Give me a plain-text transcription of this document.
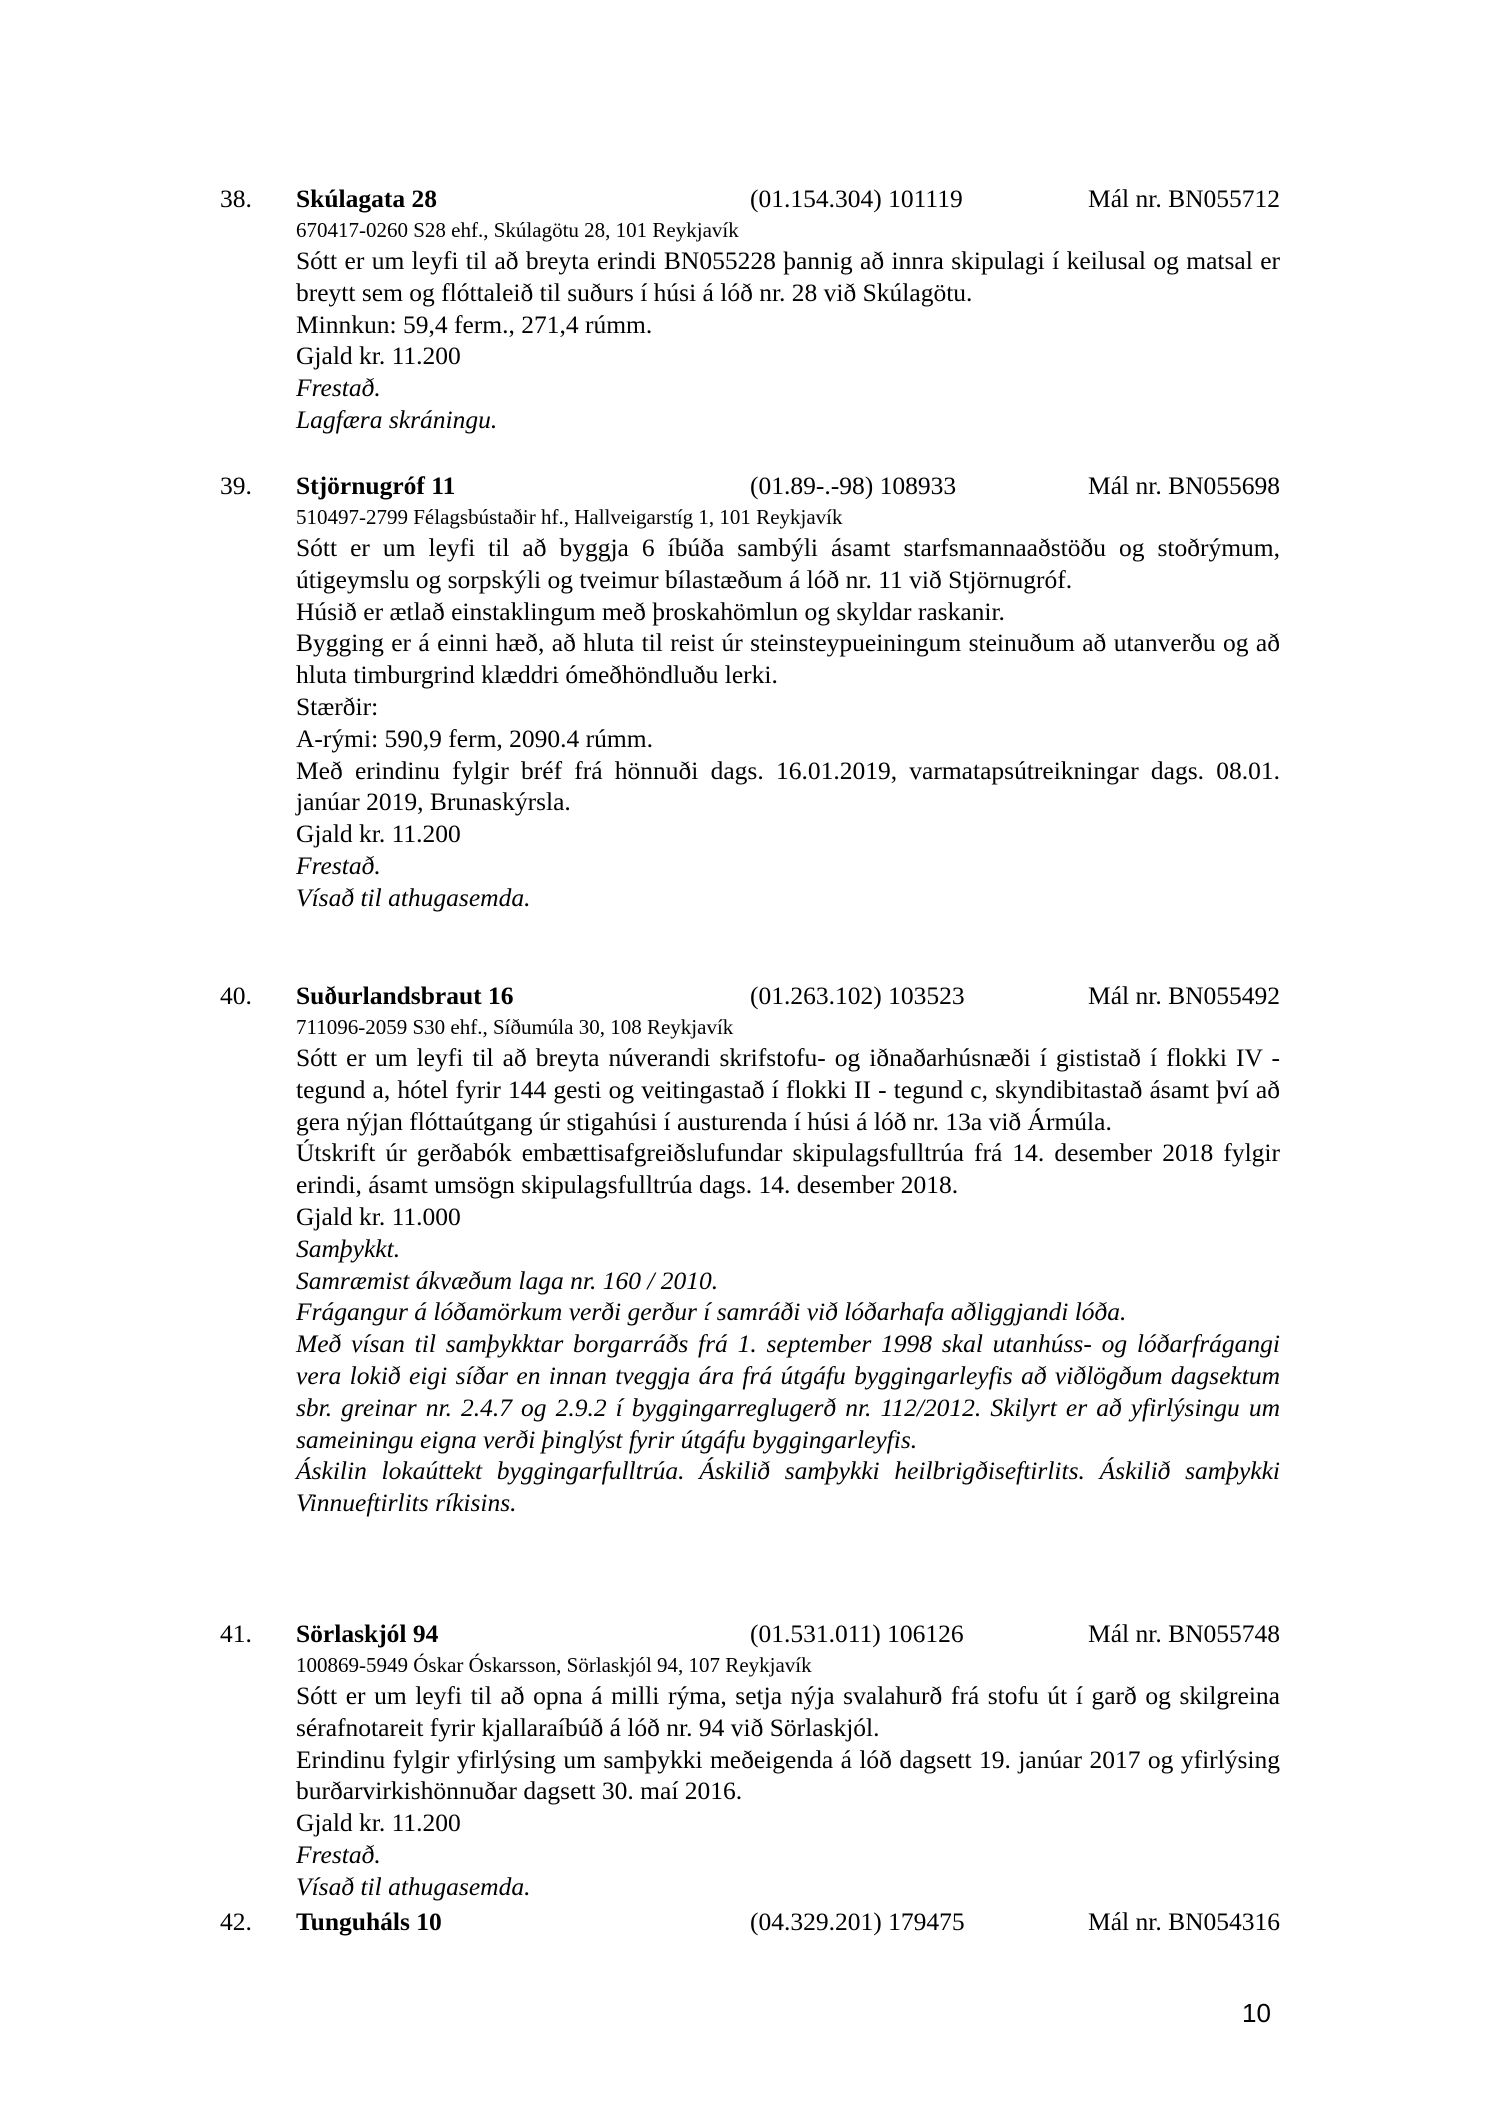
38. Skúlagata 28	(01.154.304) 101119	Mál nr. BN055712
670417-0260 S28 ehf., Skúlagötu 28, 101 Reykjavík

Sótt er um leyfi til að breyta erindi BN055228 þannig að innra skipulagi í keilusal og matsal er breytt sem og flóttaleið til suðurs í húsi á lóð nr. 28 við Skúlagötu.

Minnkun: 59,4 ferm., 271,4 rúmm.

Gjald kr. 11.200

Frestað.

Lagfæra skráningu.

39. Stjörnugróf 11	(01.89-.-98) 108933	Mál nr. BN055698
510497-2799 Félagsbústaðir hf., Hallveigarstíg 1, 101 Reykjavík

Sótt er um leyfi til að byggja 6 íbúða sambýli ásamt starfsmannaaðstöðu og stoðrýmum, útigeymslu og sorpskýli og tveimur bílastæðum á lóð nr. 11 við Stjörnugróf.

Húsið er ætlað einstaklingum með þroskahömlun og skyldar raskanir.

Bygging er á einni hæð, að hluta til reist úr steinsteypueiningum steinuðum að utanverðu og að hluta timburgrind klæddri ómeðhöndluðu lerki.

Stærðir:

A-rými: 590,9 ferm, 2090.4 rúmm.

Með erindinu fylgir bréf frá hönnuði dags. 16.01.2019, varmatapsútreikningar dags. 08.01. janúar 2019, Brunaskýrsla.

Gjald kr. 11.200

Frestað.

Vísað til athugasemda.

40. Suðurlandsbraut 16	(01.263.102) 103523	Mál nr. BN055492
711096-2059 S30 ehf., Síðumúla 30, 108 Reykjavík

Sótt er um leyfi til að breyta núverandi skrifstofu- og iðnaðarhúsnæði í gististað í flokki IV - tegund a, hótel fyrir 144 gesti og veitingastað í flokki II - tegund c, skyndibitastað ásamt því að gera nýjan flóttaútgang úr stigahúsi í austurenda í húsi á lóð nr. 13a við Ármúla.

Útskrift úr gerðabók embættisafgreiðslufundar skipulagsfulltrúa frá 14. desember 2018 fylgir erindi, ásamt umsögn skipulagsfulltrúa dags. 14. desember 2018.

Gjald kr. 11.000

Samþykkt.

Samræmist ákvæðum laga nr. 160 / 2010.

Frágangur á lóðamörkum verði gerður í samráði við lóðarhafa aðliggjandi lóða.

Með vísan til samþykktar borgarráðs frá 1. september 1998 skal utanhúss- og lóðarfrágangi vera lokið eigi síðar en innan tveggja ára frá útgáfu byggingarleyfis að viðlögðum dagsektum sbr. greinar nr. 2.4.7 og 2.9.2 í byggingarreglugerð nr. 112/2012. Skilyrt er að yfirlýsingu um sameiningu eigna verði þinglýst fyrir útgáfu byggingarleyfis.

Áskilin lokaúttekt byggingarfulltrúa. Áskilið samþykki heilbrigðiseftirlits. Áskilið samþykki Vinnueftirlits ríkisins.

41. Sörlaskjól 94	(01.531.011) 106126	Mál nr. BN055748
100869-5949 Óskar Óskarsson, Sörlaskjól 94, 107 Reykjavík

Sótt er um leyfi til að opna á milli rýma, setja nýja svalahurð frá stofu út í garð og skilgreina sérafnotareit fyrir kjallaraíbúð á lóð nr. 94 við Sörlaskjól.

Erindinu fylgir yfirlýsing um samþykki meðeigenda á lóð dagsett 19. janúar 2017 og yfirlýsing burðarvirkishönnuðar dagsett 30. maí 2016.

Gjald kr. 11.200

Frestað.

Vísað til athugasemda.

42. Tunguháls 10	(04.329.201) 179475	Mál nr. BN054316
10
